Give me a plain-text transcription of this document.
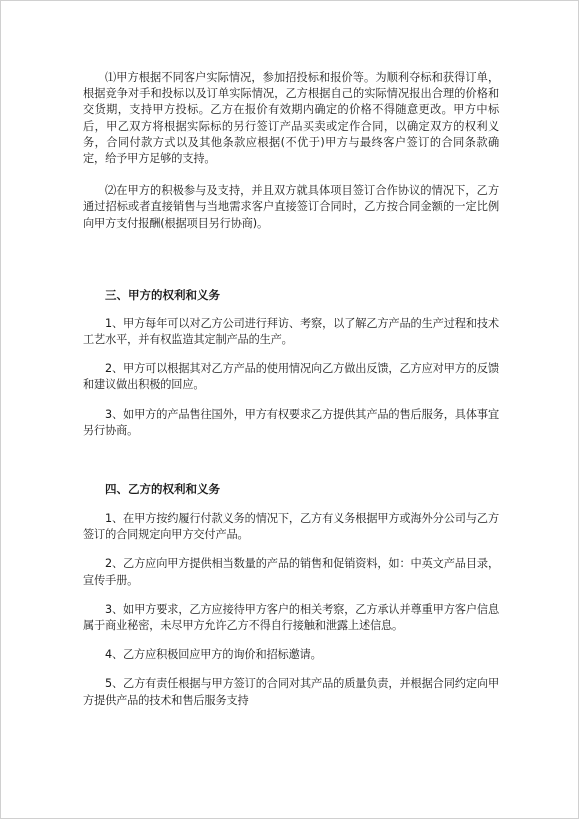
⑴甲方根据不同客户实际情况，参加招投标和报价等。为顺利夺标和获得订单，根据竞争对手和投标以及订单实际情况，乙方根据自己的实际情况报出合理的价格和交货期，支持甲方投标。乙方在报价有效期内确定的价格不得随意更改。甲方中标后，甲乙双方将根据实际标的另行签订产品买卖或定作合同，以确定双方的权利义务，合同付款方式以及其他条款应根据(不优于)甲方与最终客户签订的合同条款确定，给予甲方足够的支持。

⑵在甲方的积极参与及支持，并且双方就具体项目签订合作协议的情况下，乙方通过招标或者直接销售与当地需求客户直接签订合同时，乙方按合同金额的一定比例向甲方支付报酬(根据项目另行协商)。

三、甲方的权利和义务

1、甲方每年可以对乙方公司进行拜访、考察，以了解乙方产品的生产过程和技术工艺水平，并有权监造其定制产品的生产。

2、甲方可以根据其对乙方产品的使用情况向乙方做出反馈，乙方应对甲方的反馈和建议做出积极的回应。

3、如甲方的产品售往国外，甲方有权要求乙方提供其产品的售后服务，具体事宜另行协商。

四、乙方的权利和义务

1、在甲方按约履行付款义务的情况下，乙方有义务根据甲方或海外分公司与乙方签订的合同规定向甲方交付产品。

2、乙方应向甲方提供相当数量的产品的销售和促销资料，如：中英文产品目录，宣传手册。

3、如甲方要求，乙方应接待甲方客户的相关考察，乙方承认并尊重甲方客户信息属于商业秘密，未尽甲方允许乙方不得自行接触和泄露上述信息。

4、乙方应积极回应甲方的询价和招标邀请。

5、乙方有责任根据与甲方签订的合同对其产品的质量负责，并根据合同约定向甲方提供产品的技术和售后服务支持
